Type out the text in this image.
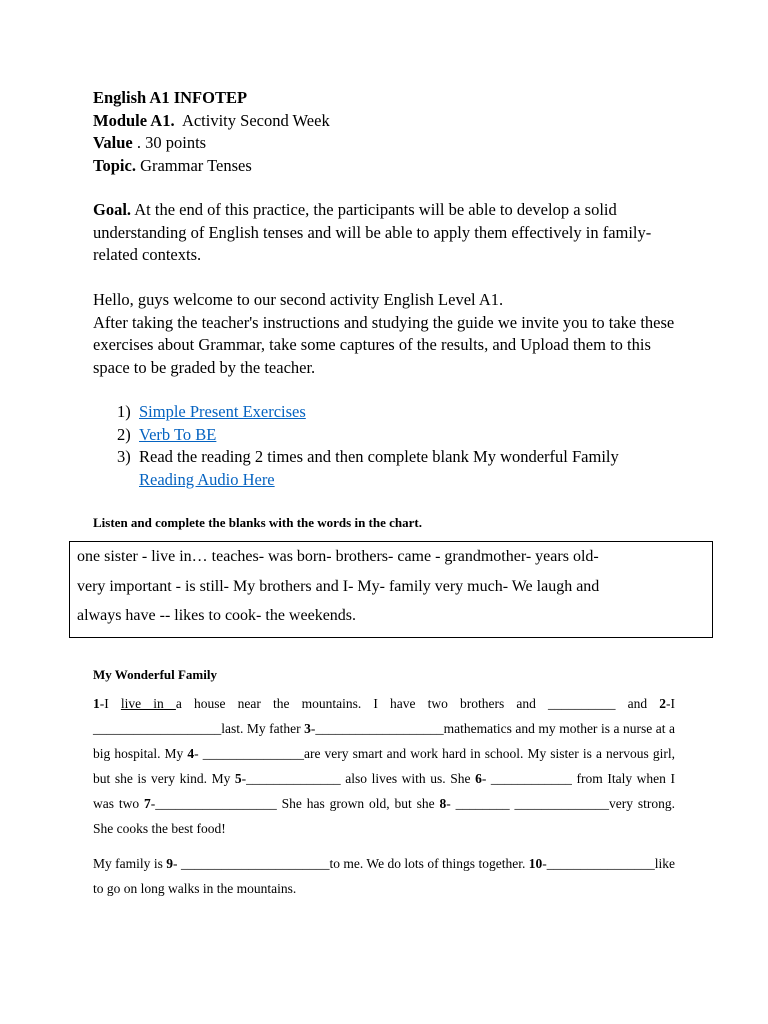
English A1 INFOTEP
Module A1. Activity Second Week
Value . 30 points
Topic. Grammar Tenses
Goal. At the end of this practice, the participants will be able to develop a solid understanding of English tenses and will be able to apply them effectively in family-related contexts.
Hello, guys welcome to our second activity English Level A1.
After taking the teacher's instructions and studying the guide we invite you to take these exercises about Grammar, take some captures of the results, and Upload them to this space to be graded by the teacher.
1) Simple Present Exercises
2) Verb To BE
3) Read the reading 2 times and then complete blank My wonderful Family
Reading Audio Here
Listen and complete the blanks with the words in the chart.
one sister - live in… teaches- was born- brothers- came - grandmother- years old-
very important - is still- My brothers and I- My- family very much- We laugh and
always have -- likes to cook- the weekends.
My Wonderful Family
1-I live in a house near the mountains. I have two brothers and __________ and 2-I ___________________last. My father 3-___________________mathematics and my mother is a nurse at a big hospital. My 4- _______________are very smart and work hard in school. My sister is a nervous girl, but she is very kind. My 5-______________ also lives with us. She 6- ____________ from Italy when I was two 7-__________________ She has grown old, but she 8- ________ ______________very strong. She cooks the best food!
My family is 9- ______________________to me. We do lots of things together. 10-________________like to go on long walks in the mountains.
